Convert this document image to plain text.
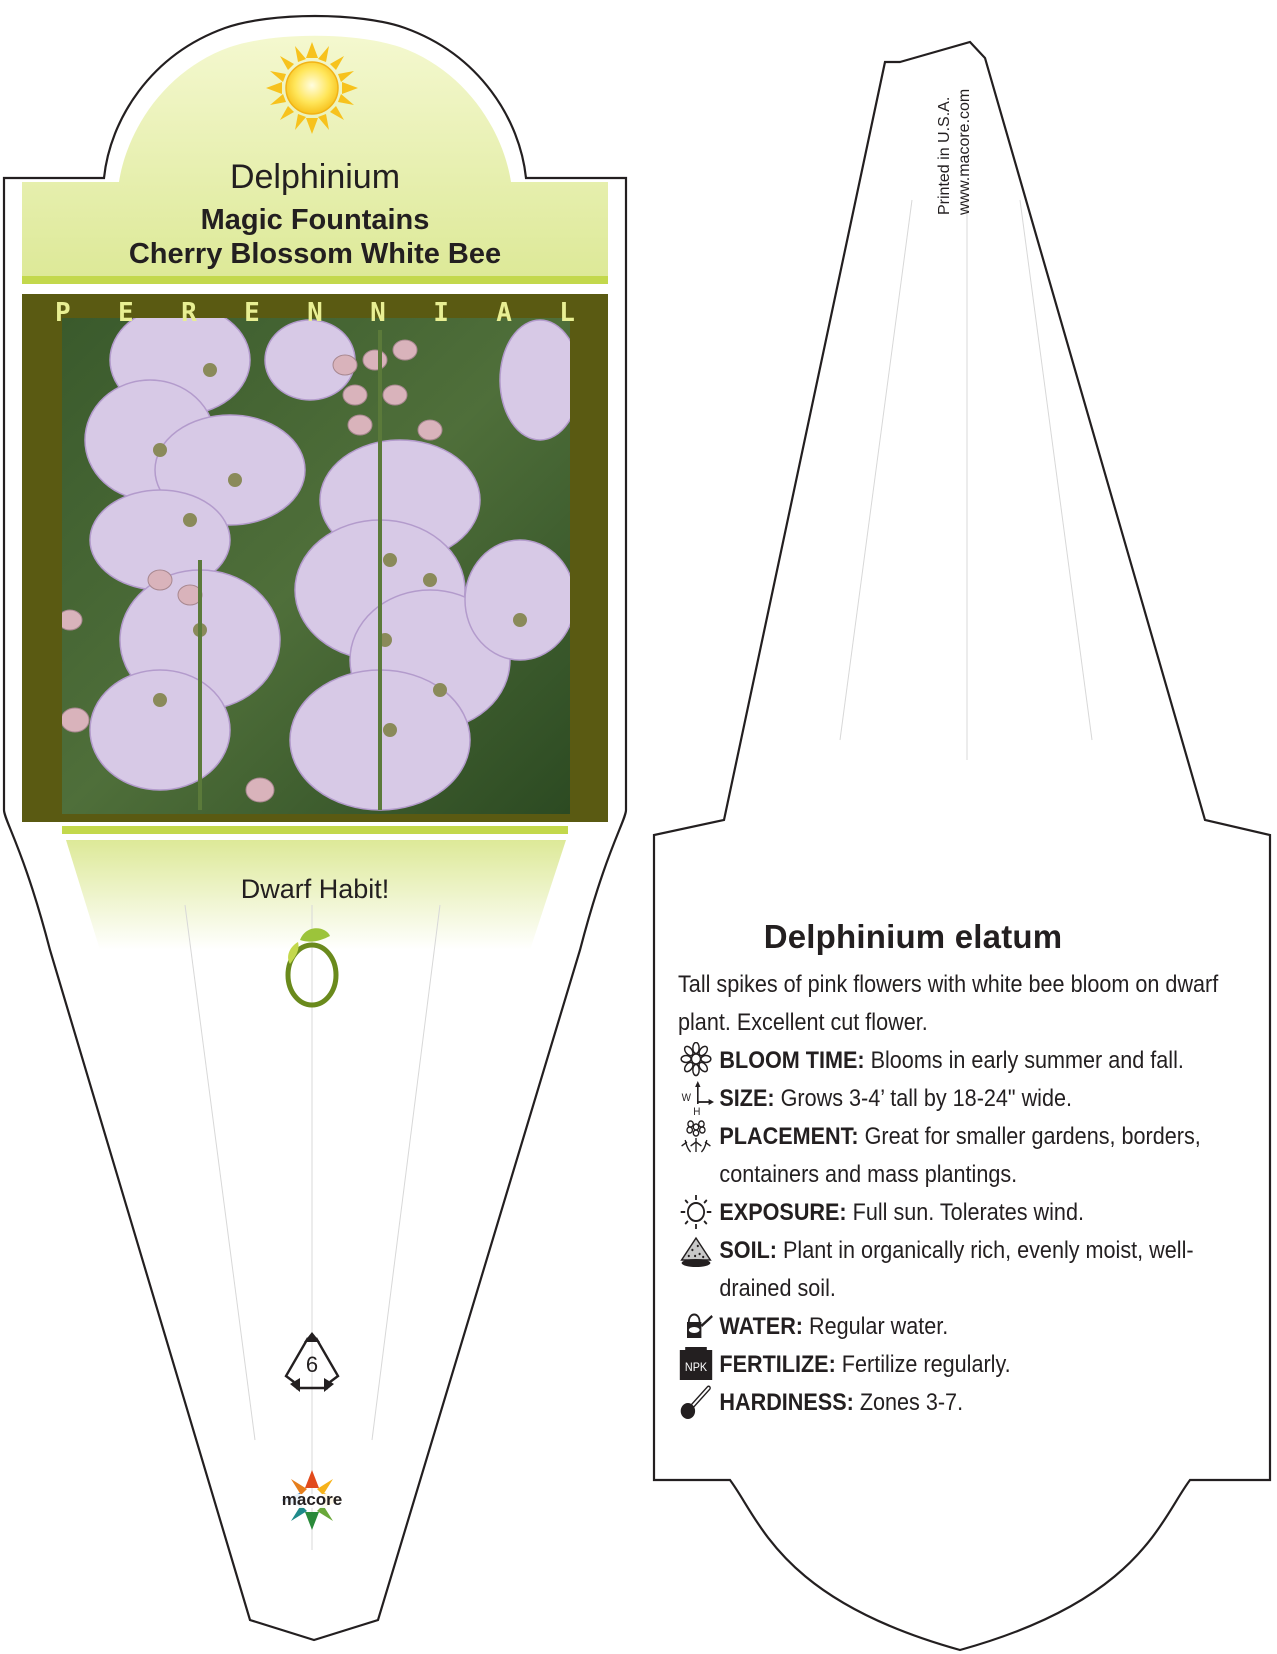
Delphinium
Magic Fountains
Cherry Blossom White Bee
P E R E N N I A L
Dwarf Habit!
6
macore
Printed in U.S.A. www.macore.com
Delphinium elatum
Tall spikes of pink flowers with white bee bloom on dwarf plant. Excellent cut flower.
BLOOM TIME: Blooms in early summer and fall.
W
H
SIZE: Grows 3-4’ tall by 18-24" wide.
PLACEMENT: Great for smaller gardens, borders, containers and mass plantings.
EXPOSURE: Full sun. Tolerates wind.
SOIL: Plant in organically rich, evenly moist, well-drained soil.
WATER: Regular water.
NPK FERTILIZE: Fertilize regularly.
HARDINESS: Zones 3-7.
